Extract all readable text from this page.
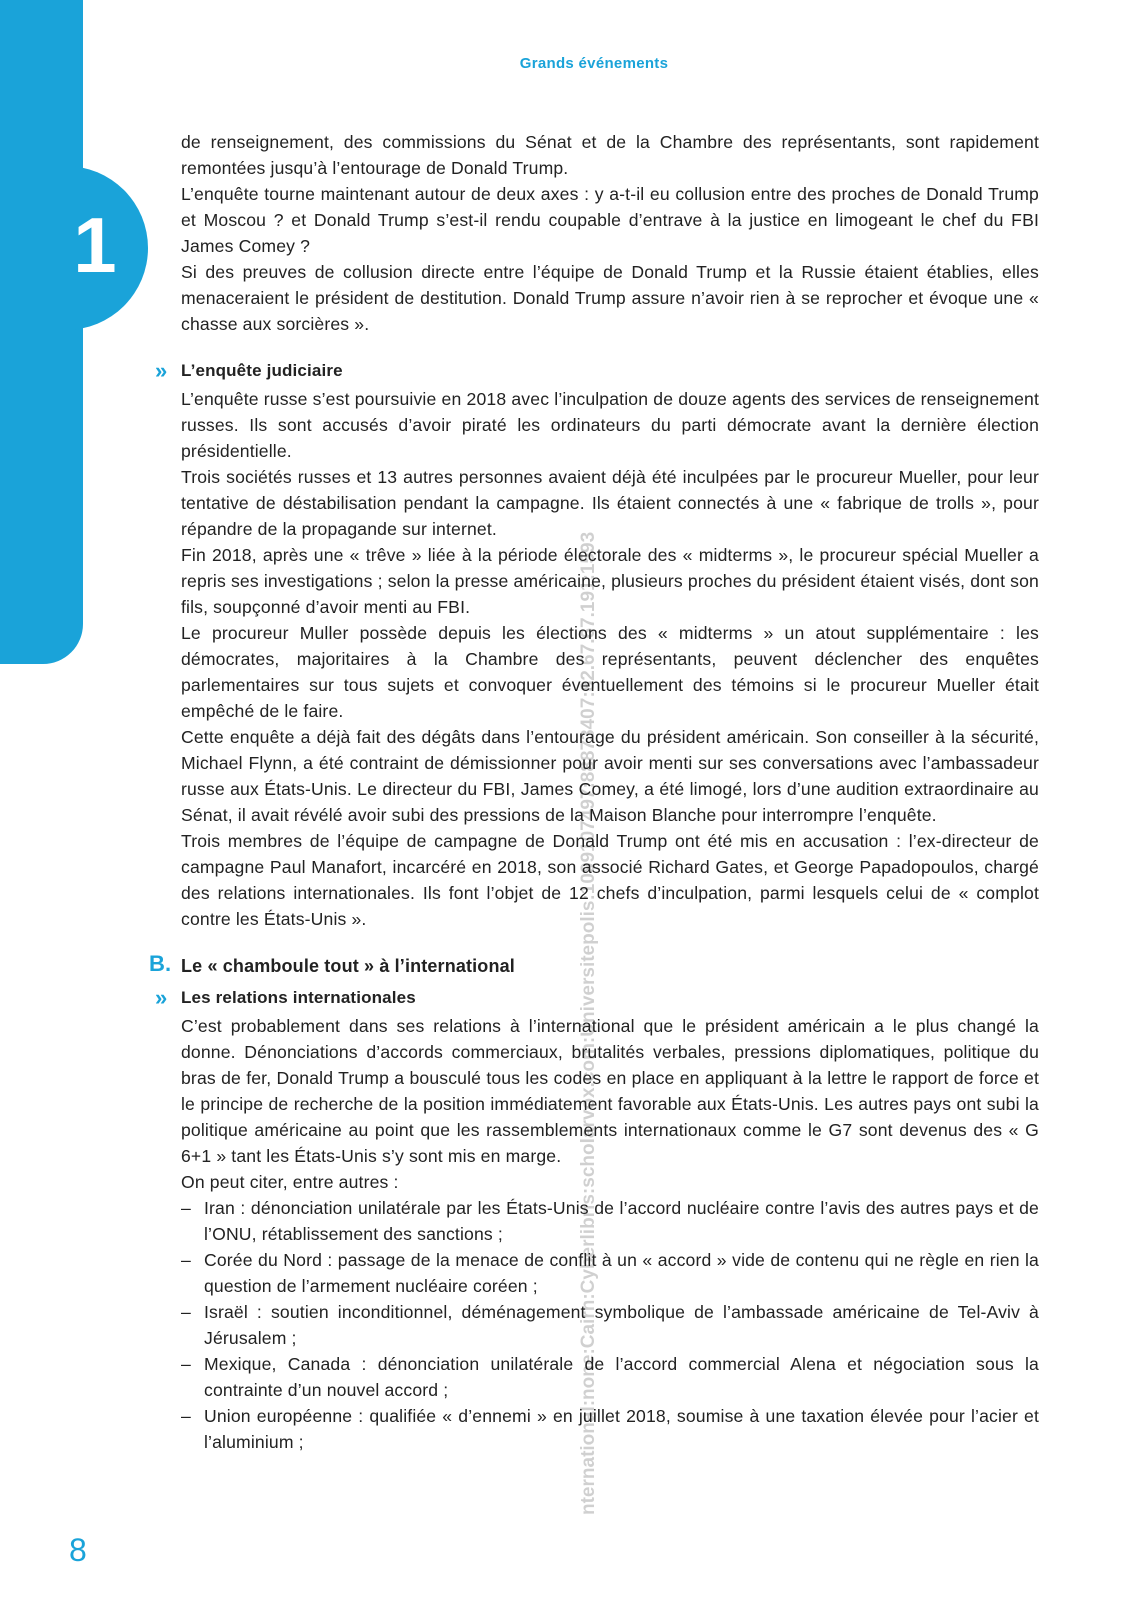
1
Grands événements
nternational:none:Cairn:Cyberlibris:scholarvox.com:Universitepolis:1099107497:88873407:82.67.67.191:1593

de renseignement, des commissions du Sénat et de la Chambre des représentants, sont rapidement remontées jusqu’à l’entourage de Donald Trump.

L’enquête tourne maintenant autour de deux axes : y a-t-il eu collusion entre des proches de Donald Trump et Moscou ? et Donald Trump s’est-il rendu coupable d’entrave à la justice en limogeant le chef du FBI James Comey ?

Si des preuves de collusion directe entre l’équipe de Donald Trump et la Russie étaient établies, elles menaceraient le président de destitution. Donald Trump assure n’avoir rien à se reprocher et évoque une « chasse aux sorcières ».

» L’enquête judiciaire

L’enquête russe s’est poursuivie en 2018 avec l’inculpation de douze agents des services de renseignement russes. Ils sont accusés d’avoir piraté les ordinateurs du parti démocrate avant la dernière élection présidentielle.

Trois sociétés russes et 13 autres personnes avaient déjà été inculpées par le procureur Mueller, pour leur tentative de déstabilisation pendant la campagne. Ils étaient connectés à une « fabrique de trolls », pour répandre de la propagande sur internet.

Fin 2018, après une « trêve » liée à la période électorale des « midterms », le procureur spécial Mueller a repris ses investigations ; selon la presse américaine, plusieurs proches du président étaient visés, dont son fils, soupçonné d’avoir menti au FBI.

Le procureur Muller possède depuis les élections des « midterms » un atout supplémentaire : les démocrates, majoritaires à la Chambre des représentants, peuvent déclencher des enquêtes parlementaires sur tous sujets et convoquer éventuellement des témoins si le procureur Mueller était empêché de le faire.

Cette enquête a déjà fait des dégâts dans l’entourage du président américain. Son conseiller à la sécurité, Michael Flynn, a été contraint de démissionner pour avoir menti sur ses conversations avec l’ambassadeur russe aux États-Unis. Le directeur du FBI, James Comey, a été limogé, lors d’une audition extraordinaire au Sénat, il avait révélé avoir subi des pressions de la Maison Blanche pour interrompre l’enquête.

Trois membres de l’équipe de campagne de Donald Trump ont été mis en accusation : l’ex-directeur de campagne Paul Manafort, incarcéré en 2018, son associé Richard Gates, et George Papadopoulos, chargé des relations internationales. Ils font l’objet de 12 chefs d’inculpation, parmi lesquels celui de « complot contre les États-Unis ».

B. Le « chamboule tout » à l’international
» Les relations internationales

C’est probablement dans ses relations à l’international que le président américain a le plus changé la donne. Dénonciations d’accords commerciaux, brutalités verbales, pressions diplomatiques, politique du bras de fer, Donald Trump a bousculé tous les codes en place en appliquant à la lettre le rapport de force et le principe de recherche de la position immédiatement favorable aux États-Unis. Les autres pays ont subi la politique américaine au point que les rassemblements internationaux comme le G7 sont devenus des « G 6+1 » tant les États-Unis s’y sont mis en marge.

On peut citer, entre autres :

– Iran : dénonciation unilatérale par les États-Unis de l’accord nucléaire contre l’avis des autres pays et de l’ONU, rétablissement des sanctions ;
– Corée du Nord : passage de la menace de conflit à un « accord » vide de contenu qui ne règle en rien la question de l’armement nucléaire coréen ;
– Israël : soutien inconditionnel, déménagement symbolique de l’ambassade américaine de Tel-Aviv à Jérusalem ;
– Mexique, Canada : dénonciation unilatérale de l’accord commercial Alena et négociation sous la contrainte d’un nouvel accord ;
– Union européenne : qualifiée « d’ennemi » en juillet 2018, soumise à une taxation élevée pour l’acier et l’aluminium ;
8
